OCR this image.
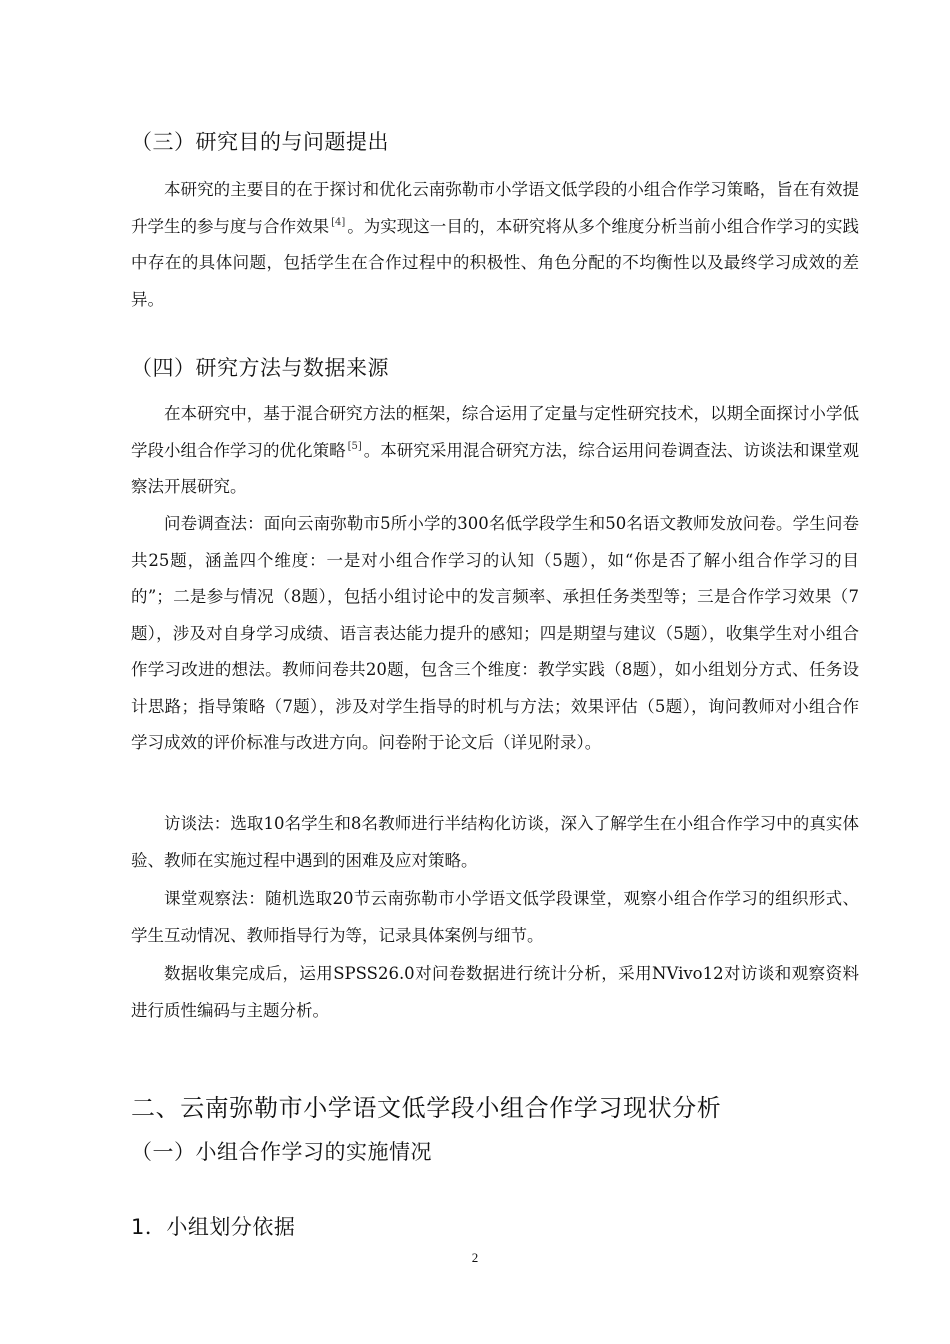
（三）研究目的与问题提出

本研究的主要目的在于探讨和优化云南弥勒市小学语文低学段的小组合作学习策略，旨在有效提升学生的参与度与合作效果 [4] 。为实现这一目的，本研究将从多个维度分析当前小组合作学习的实践中存在的具体问题，包括学生在合作过程中的积极性、角色分配的不均衡性以及最终学习成效的差异。

（四）研究方法与数据来源

在本研究中，基于混合研究方法的框架，综合运用了定量与定性研究技术，以期全面探讨小学低学段小组合作学习的优化策略 [5] 。本研究采用混合研究方法，综合运用问卷调查法、访谈法和课堂观察法开展研究。

问卷调查法：面向云南弥勒市5所小学的300名低学段学生和50名语文教师发放问卷。学生问卷共25题，涵盖四个维度：一是对小组合作学习的认知（5题），如“你是否了解小组合作学习的目的”；二是参与情况（8题），包括小组讨论中的发言频率、承担任务类型等；三是合作学习效果（7题），涉及对自身学习成绩、语言表达能力提升的感知；四是期望与建议（5题），收集学生对小组合作学习改进的想法。教师问卷共20题，包含三个维度：教学实践（8题），如小组划分方式、任务设计思路；指导策略（7题），涉及对学生指导的时机与方法；效果评估（5题），询问教师对小组合作学习成效的评价标准与改进方向。问卷附于论文后（详见附录）。

访谈法：选取10名学生和8名教师进行半结构化访谈，深入了解学生在小组合作学习中的真实体验、教师在实施过程中遇到的困难及应对策略。

课堂观察法：随机选取20节云南弥勒市小学语文低学段课堂，观察小组合作学习的组织形式、学生互动情况、教师指导行为等，记录具体案例与细节。

数据收集完成后，运用SPSS26.0对问卷数据进行统计分析，采用NVivo12对访谈和观察资料进行质性编码与主题分析。

二、云南弥勒市小学语文低学段小组合作学习现状分析
（一）小组合作学习的实施情况
1．小组划分依据
2
